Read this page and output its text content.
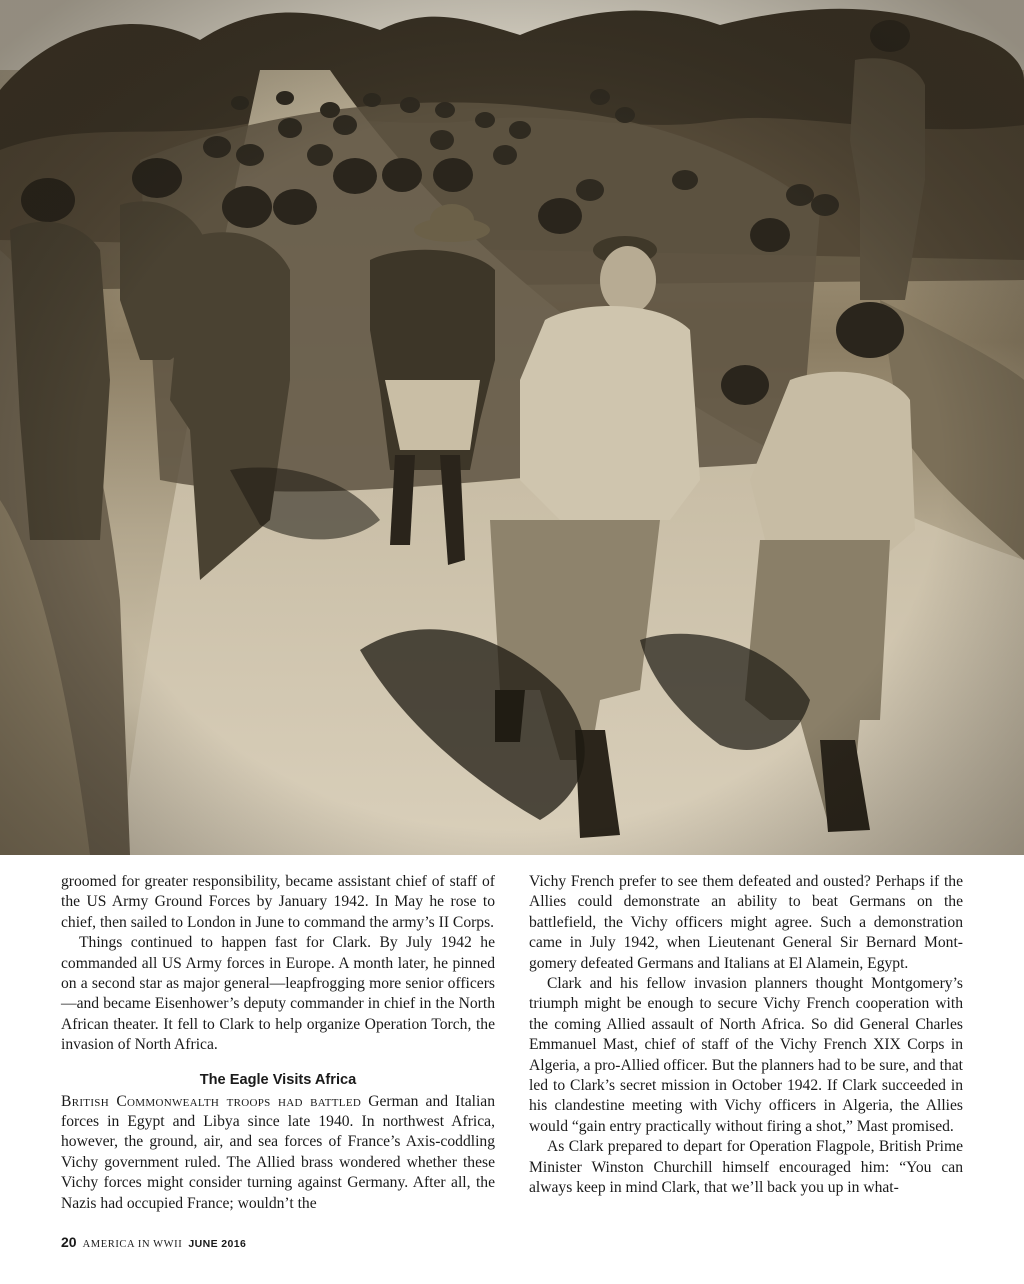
groomed for greater responsibility, became assistant chief of staff of the US Army Ground Forces by January 1942. In May he rose to chief, then sailed to London in June to command the army’s II Corps.

Things continued to happen fast for Clark. By July 1942 he commanded all US Army forces in Europe. A month later, he pinned on a second star as major general—leapfrogging more senior officers—and became Eisenhower’s deputy commander in chief in the North African theater. It fell to Clark to help organize Operation Torch, the invasion of North Africa.

The Eagle Visits Africa

British Commonwealth troops had battled German and Italian forces in Egypt and Libya since late 1940. In northwest Africa, however, the ground, air, and sea forces of France’s Axis-coddling Vichy government ruled. The Allied brass wondered whether these Vichy forces might consider turning against Germany. After all, the Nazis had occupied France; wouldn’t the

Vichy French prefer to see them defeated and ousted? Perhaps if the Allies could demonstrate an ability to beat Germans on the battlefield, the Vichy officers might agree. Such a demonstration came in July 1942, when Lieutenant General Sir Bernard Montgomery defeated Germans and Italians at El Alamein, Egypt.

Clark and his fellow invasion planners thought Montgomery’s triumph might be enough to secure Vichy French cooperation with the coming Allied assault of North Africa. So did General Charles Emmanuel Mast, chief of staff of the Vichy French XIX Corps in Algeria, a pro-Allied officer. But the planners had to be sure, and that led to Clark’s secret mission in October 1942. If Clark succeeded in his clandestine meeting with Vichy officers in Algeria, the Allies would “gain entry practically without firing a shot,” Mast promised.

As Clark prepared to depart for Operation Flagpole, British Prime Minister Winston Churchill himself encouraged him: “You can always keep in mind Clark, that we’ll back you up in what-

20 AMERICA IN WWII JUNE 2016
